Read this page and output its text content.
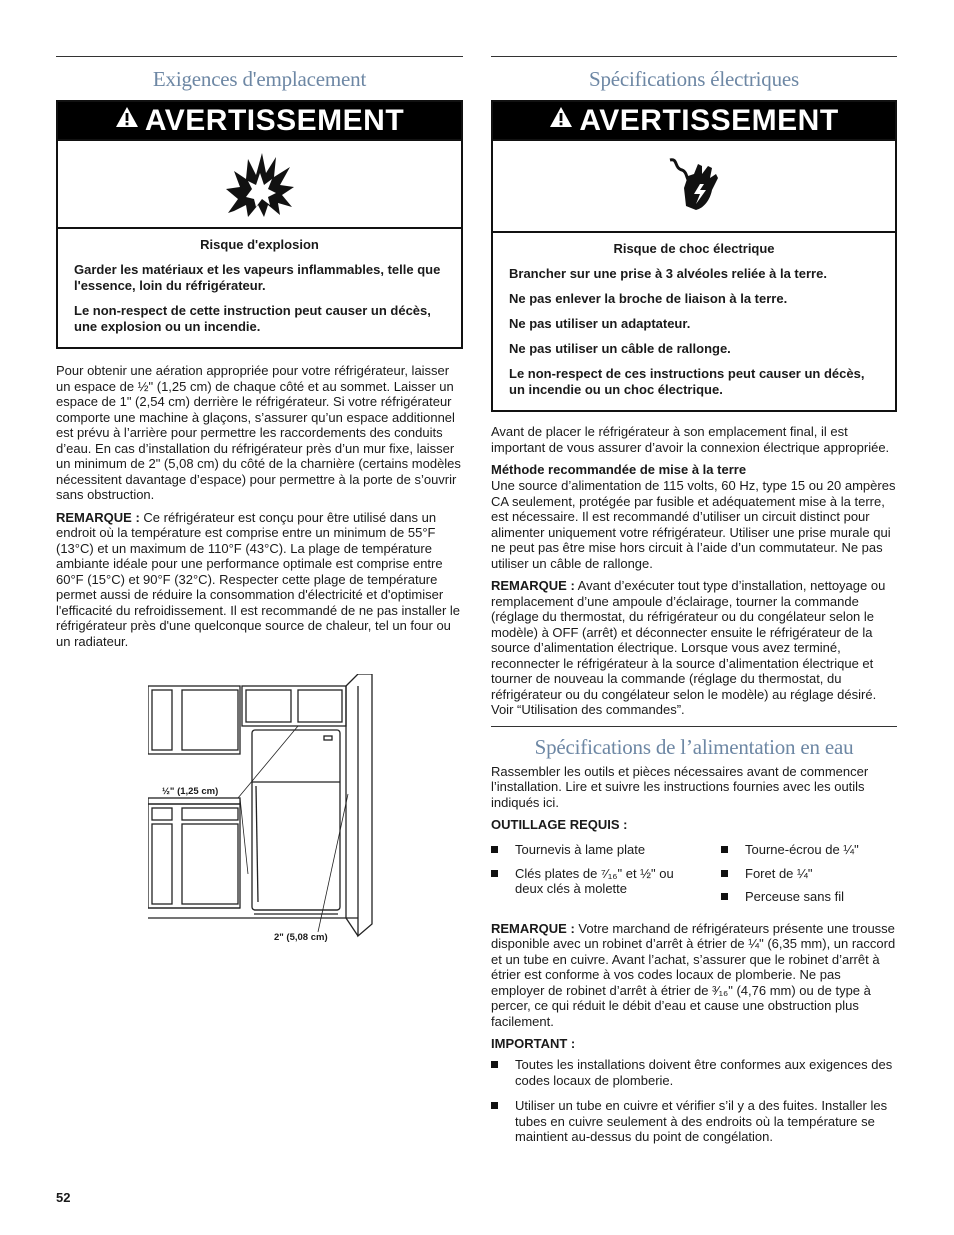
Exigences d'emplacement
AVERTISSEMENT

Risque d'explosion

Garder les matériaux et les vapeurs inflammables, telle que l'essence, loin du réfrigérateur.

Le non-respect de cette instruction peut causer un décès, une explosion ou un incendie.

Pour obtenir une aération appropriée pour votre réfrigérateur, laisser un espace de ½" (1,25 cm) de chaque côté et au sommet. Laisser un espace de 1" (2,54 cm) derrière le réfrigérateur. Si votre réfrigérateur comporte une machine à glaçons, s’assurer qu’un espace additionnel est prévu à l’arrière pour permettre les raccordements des conduits d’eau. En cas d’installation du réfrigérateur près d’un mur fixe, laisser un minimum de 2" (5,08 cm) du côté de la charnière (certains modèles nécessitent davantage d’espace) pour permettre à la porte de s’ouvrir sans obstruction.

REMARQUE : Ce réfrigérateur est conçu pour être utilisé dans un endroit où la température est comprise entre un minimum de 55°F (13°C) et un maximum de 110°F (43°C). La plage de température ambiante idéale pour une performance optimale est comprise entre 60°F (15°C) et 90°F (32°C). Respecter cette plage de température permet aussi de réduire la consommation d'électricité et d'optimiser l'efficacité du refroidissement. Il est recommandé de ne pas installer le réfrigérateur près d'une quelconque source de chaleur, tel un four ou un radiateur.

½" (1,25 cm)
2" (5,08 cm)
Spécifications électriques
AVERTISSEMENT

Risque de choc électrique

Brancher sur une prise à 3 alvéoles reliée à la terre.

Ne pas enlever la broche de liaison à la terre.

Ne pas utiliser un adaptateur.

Ne pas utiliser un câble de rallonge.

Le non-respect de ces instructions peut causer un décès, un incendie ou un choc électrique.

Avant de placer le réfrigérateur à son emplacement final, il est important de vous assurer d’avoir la connexion électrique appropriée.

Méthode recommandée de mise à la terre

Une source d’alimentation de 115 volts, 60 Hz, type 15 ou 20 ampères CA seulement, protégée par fusible et adéquatement mise à la terre, est nécessaire. Il est recommandé d’utiliser un circuit distinct pour alimenter uniquement votre réfrigérateur. Utiliser une prise murale qui ne peut pas être mise hors circuit à l’aide d’un commutateur. Ne pas utiliser un câble de rallonge.

REMARQUE : Avant d’exécuter tout type d’installation, nettoyage ou remplacement d’une ampoule d’éclairage, tourner la commande (réglage du thermostat, du réfrigérateur ou du congélateur selon le modèle) à OFF (arrêt) et déconnecter ensuite le réfrigérateur de la source d’alimentation électrique. Lorsque vous avez terminé, reconnecter le réfrigérateur à la source d’alimentation électrique et tourner de nouveau la commande (réglage du thermostat, du réfrigérateur ou du congélateur selon le modèle) au réglage désiré. Voir “Utilisation des commandes”.

Spécifications de l’alimentation en eau

Rassembler les outils et pièces nécessaires avant de commencer l’installation. Lire et suivre les instructions fournies avec les outils indiqués ici.

OUTILLAGE REQUIS :
Tournevis à lame plate
Clés plates de ⁷⁄₁₆" et ½" ou deux clés à molette
Tourne-écrou de ¼"
Foret de ¼"
Perceuse sans fil

REMARQUE : Votre marchand de réfrigérateurs présente une trousse disponible avec un robinet d’arrêt à étrier de ¼" (6,35 mm), un raccord et un tube en cuivre. Avant l’achat, s’assurer que le robinet d’arrêt à étrier est conforme à vos codes locaux de plomberie. Ne pas employer de robinet d’arrêt à étrier de ³⁄₁₆" (4,76 mm) ou de type à percer, ce qui réduit le débit d’eau et cause une obstruction plus facilement.

IMPORTANT :
Toutes les installations doivent être conformes aux exigences des codes locaux de plomberie.
Utiliser un tube en cuivre et vérifier s’il y a des fuites. Installer les tubes en cuivre seulement à des endroits où la température se maintient au-dessus du point de congélation.
52
